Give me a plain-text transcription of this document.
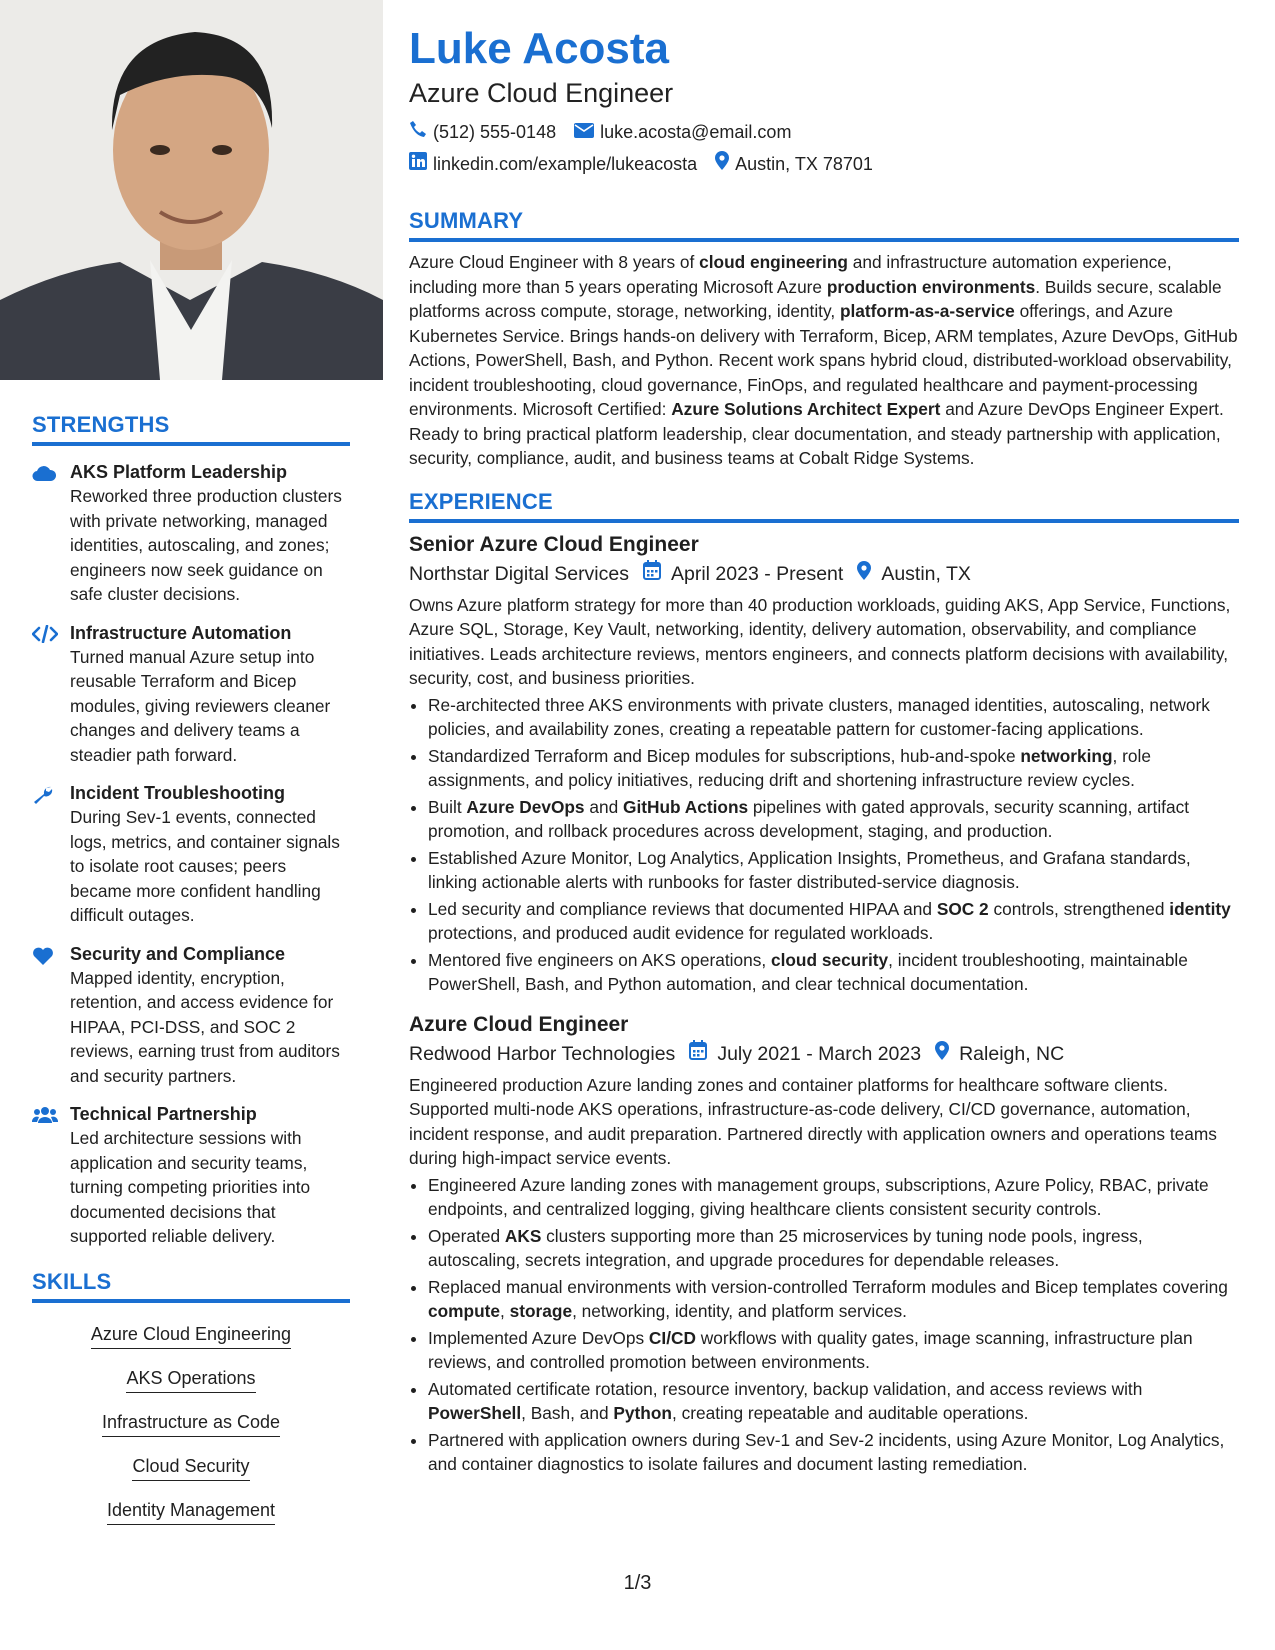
STRENGTHS
AKS Platform Leadership
Reworked three production clusters with private networking, managed identities, autoscaling, and zones; engineers now seek guidance on safe cluster decisions.
Infrastructure Automation
Turned manual Azure setup into reusable Terraform and Bicep modules, giving reviewers cleaner changes and delivery teams a steadier path forward.
Incident Troubleshooting
During Sev-1 events, connected logs, metrics, and container signals to isolate root causes; peers became more confident handling difficult outages.
Security and Compliance
Mapped identity, encryption, retention, and access evidence for HIPAA, PCI-DSS, and SOC 2 reviews, earning trust from auditors and security partners.
Technical Partnership
Led architecture sessions with application and security teams, turning competing priorities into documented decisions that supported reliable delivery.
SKILLS
Azure Cloud Engineering
AKS Operations
Infrastructure as Code
Cloud Security
Identity Management
Luke Acosta
Azure Cloud Engineer
(512) 555-0148 luke.acosta@email.com
linkedin.com/example/lukeacosta Austin, TX 78701
SUMMARY

Azure Cloud Engineer with 8 years of cloud engineering and infrastructure automation experience, including more than 5 years operating Microsoft Azure production environments. Builds secure, scalable platforms across compute, storage, networking, identity, platform-as-a-service offerings, and Azure Kubernetes Service. Brings hands-on delivery with Terraform, Bicep, ARM templates, Azure DevOps, GitHub Actions, PowerShell, Bash, and Python. Recent work spans hybrid cloud, distributed-workload observability, incident troubleshooting, cloud governance, FinOps, and regulated healthcare and payment-processing environments. Microsoft Certified: Azure Solutions Architect Expert and Azure DevOps Engineer Expert. Ready to bring practical platform leadership, clear documentation, and steady partnership with application, security, compliance, audit, and business teams at Cobalt Ridge Systems.

EXPERIENCE
Senior Azure Cloud Engineer
Northstar Digital Services April 2023 - Present Austin, TX

Owns Azure platform strategy for more than 40 production workloads, guiding AKS, App Service, Functions, Azure SQL, Storage, Key Vault, networking, identity, delivery automation, observability, and compliance initiatives. Leads architecture reviews, mentors engineers, and connects platform decisions with availability, security, cost, and business priorities.

• Re-architected three AKS environments with private clusters, managed identities, autoscaling, network policies, and availability zones, creating a repeatable pattern for customer-facing applications.
• Standardized Terraform and Bicep modules for subscriptions, hub-and-spoke networking, role assignments, and policy initiatives, reducing drift and shortening infrastructure review cycles.
• Built Azure DevOps and GitHub Actions pipelines with gated approvals, security scanning, artifact promotion, and rollback procedures across development, staging, and production.
• Established Azure Monitor, Log Analytics, Application Insights, Prometheus, and Grafana standards, linking actionable alerts with runbooks for faster distributed-service diagnosis.
• Led security and compliance reviews that documented HIPAA and SOC 2 controls, strengthened identity protections, and produced audit evidence for regulated workloads.
• Mentored five engineers on AKS operations, cloud security, incident troubleshooting, maintainable PowerShell, Bash, and Python automation, and clear technical documentation.
Azure Cloud Engineer
Redwood Harbor Technologies July 2021 - March 2023 Raleigh, NC

Engineered production Azure landing zones and container platforms for healthcare software clients. Supported multi-node AKS operations, infrastructure-as-code delivery, CI/CD governance, automation, incident response, and audit preparation. Partnered directly with application owners and operations teams during high-impact service events.

• Engineered Azure landing zones with management groups, subscriptions, Azure Policy, RBAC, private endpoints, and centralized logging, giving healthcare clients consistent security controls.
• Operated AKS clusters supporting more than 25 microservices by tuning node pools, ingress, autoscaling, secrets integration, and upgrade procedures for dependable releases.
• Replaced manual environments with version-controlled Terraform modules and Bicep templates covering compute, storage, networking, identity, and platform services.
• Implemented Azure DevOps CI/CD workflows with quality gates, image scanning, infrastructure plan reviews, and controlled promotion between environments.
• Automated certificate rotation, resource inventory, backup validation, and access reviews with PowerShell, Bash, and Python, creating repeatable and auditable operations.
• Partnered with application owners during Sev-1 and Sev-2 incidents, using Azure Monitor, Log Analytics, and container diagnostics to isolate failures and document lasting remediation.
1/3
